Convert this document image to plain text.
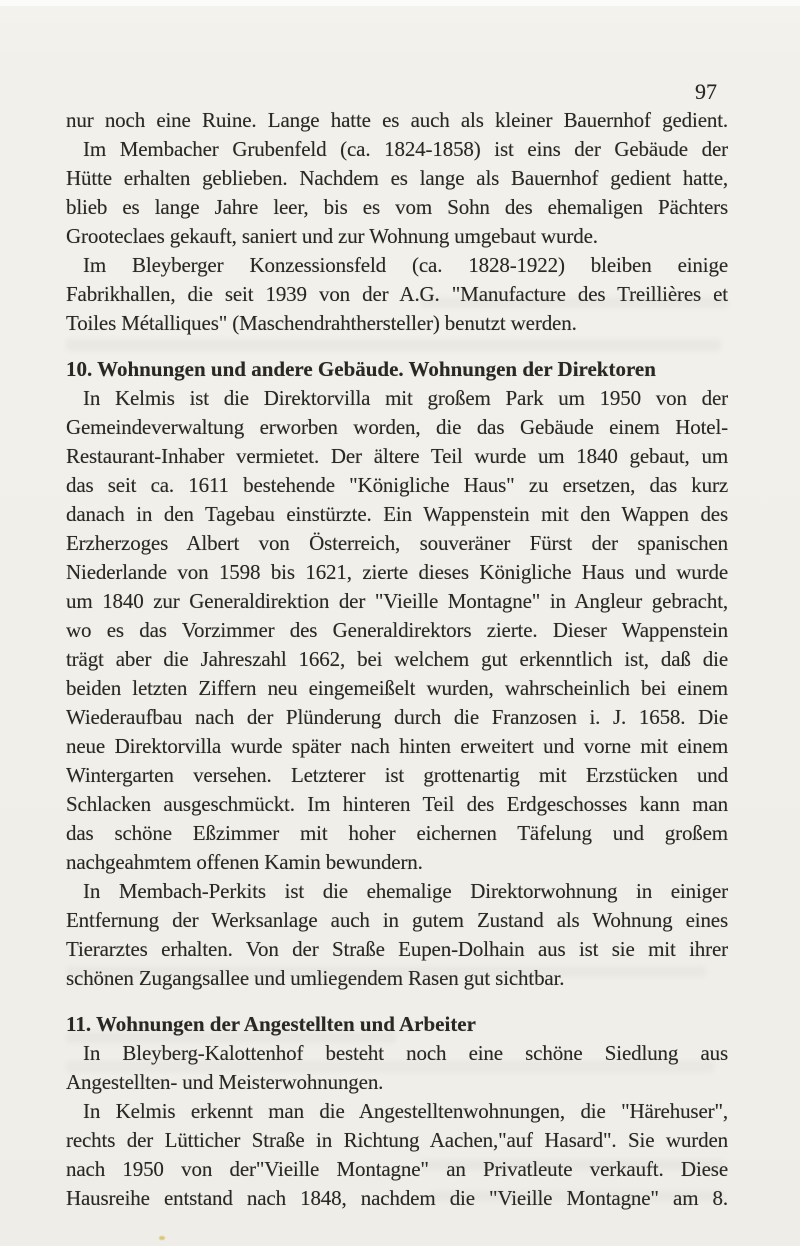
97
nur noch eine Ruine. Lange hatte es auch als kleiner Bauernhof gedient.
Im Membacher Grubenfeld (ca. 1824-1858) ist eins der Gebäude der
Hütte erhalten geblieben. Nachdem es lange als Bauernhof gedient hatte,
blieb es lange Jahre leer, bis es vom Sohn des ehemaligen Pächters
Grooteclaes gekauft, saniert und zur Wohnung umgebaut wurde.
Im Bleyberger Konzessionsfeld (ca. 1828-1922) bleiben einige
Fabrikhallen, die seit 1939 von der A.G. "Manufacture des Treillières et
Toiles Métalliques" (Maschendrahthersteller) benutzt werden.
10. Wohnungen und andere Gebäude. Wohnungen der Direktoren
In Kelmis ist die Direktorvilla mit großem Park um 1950 von der
Gemeindeverwaltung erworben worden, die das Gebäude einem Hotel-
Restaurant-Inhaber vermietet. Der ältere Teil wurde um 1840 gebaut, um
das seit ca. 1611 bestehende "Königliche Haus" zu ersetzen, das kurz
danach in den Tagebau einstürzte. Ein Wappenstein mit den Wappen des
Erzherzoges Albert von Österreich, souveräner Fürst der spanischen
Niederlande von 1598 bis 1621, zierte dieses Königliche Haus und wurde
um 1840 zur Generaldirektion der "Vieille Montagne" in Angleur gebracht,
wo es das Vorzimmer des Generaldirektors zierte. Dieser Wappenstein
trägt aber die Jahreszahl 1662, bei welchem gut erkenntlich ist, daß die
beiden letzten Ziffern neu eingemeißelt wurden, wahrscheinlich bei einem
Wiederaufbau nach der Plünderung durch die Franzosen i. J. 1658. Die
neue Direktorvilla wurde später nach hinten erweitert und vorne mit einem
Wintergarten versehen. Letzterer ist grottenartig mit Erzstücken und
Schlacken ausgeschmückt. Im hinteren Teil des Erdgeschosses kann man
das schöne Eßzimmer mit hoher eichernen Täfelung und großem
nachgeahmtem offenen Kamin bewundern.
In Membach-Perkits ist die ehemalige Direktorwohnung in einiger
Entfernung der Werksanlage auch in gutem Zustand als Wohnung eines
Tierarztes erhalten. Von der Straße Eupen-Dolhain aus ist sie mit ihrer
schönen Zugangsallee und umliegendem Rasen gut sichtbar.
11. Wohnungen der Angestellten und Arbeiter
In Bleyberg-Kalottenhof besteht noch eine schöne Siedlung aus
Angestellten- und Meisterwohnungen.
In Kelmis erkennt man die Angestelltenwohnungen, die "Härehuser",
rechts der Lütticher Straße in Richtung Aachen,"auf Hasard". Sie wurden
nach 1950 von der"Vieille Montagne" an Privatleute verkauft. Diese
Hausreihe entstand nach 1848, nachdem die "Vieille Montagne" am 8.
